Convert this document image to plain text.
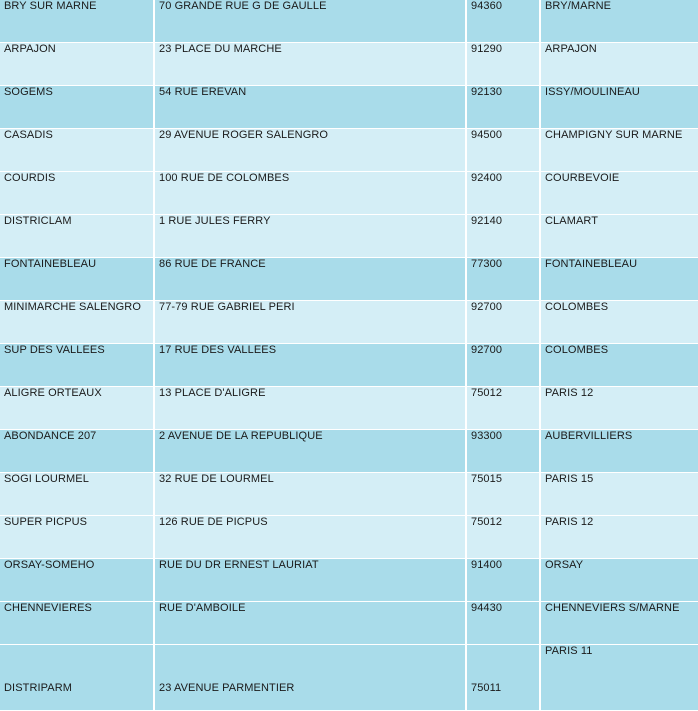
BRY SUR MARNE	70 GRANDE RUE G DE GAULLE	94360	BRY/MARNE
ARPAJON	23 PLACE DU MARCHE	91290	ARPAJON
SOGEMS	54 RUE EREVAN	92130	ISSY/MOULINEAU
CASADIS	29 AVENUE ROGER SALENGRO	94500	CHAMPIGNY SUR MARNE
COURDIS	100 RUE DE COLOMBES	92400	COURBEVOIE
DISTRICLAM	1 RUE JULES FERRY	92140	CLAMART
FONTAINEBLEAU	86 RUE DE FRANCE	77300	FONTAINEBLEAU
MINIMARCHE SALENGRO	77-79 RUE GABRIEL PERI	92700	COLOMBES
SUP DES VALLEES	17 RUE DES VALLEES	92700	COLOMBES
ALIGRE ORTEAUX	13 PLACE D'ALIGRE	75012	PARIS 12
ABONDANCE 207	2 AVENUE DE LA REPUBLIQUE	93300	AUBERVILLIERS
SOGI LOURMEL	32 RUE DE LOURMEL	75015	PARIS 15
SUPER PICPUS	126 RUE DE PICPUS	75012	PARIS 12
ORSAY-SOMEHO	RUE DU DR ERNEST LAURIAT	91400	ORSAY
CHENNEVIERES	RUE D'AMBOILE	94430	CHENNEVIERS S/MARNE
DISTRIPARM	23 AVENUE PARMENTIER	75011	PARIS 11
